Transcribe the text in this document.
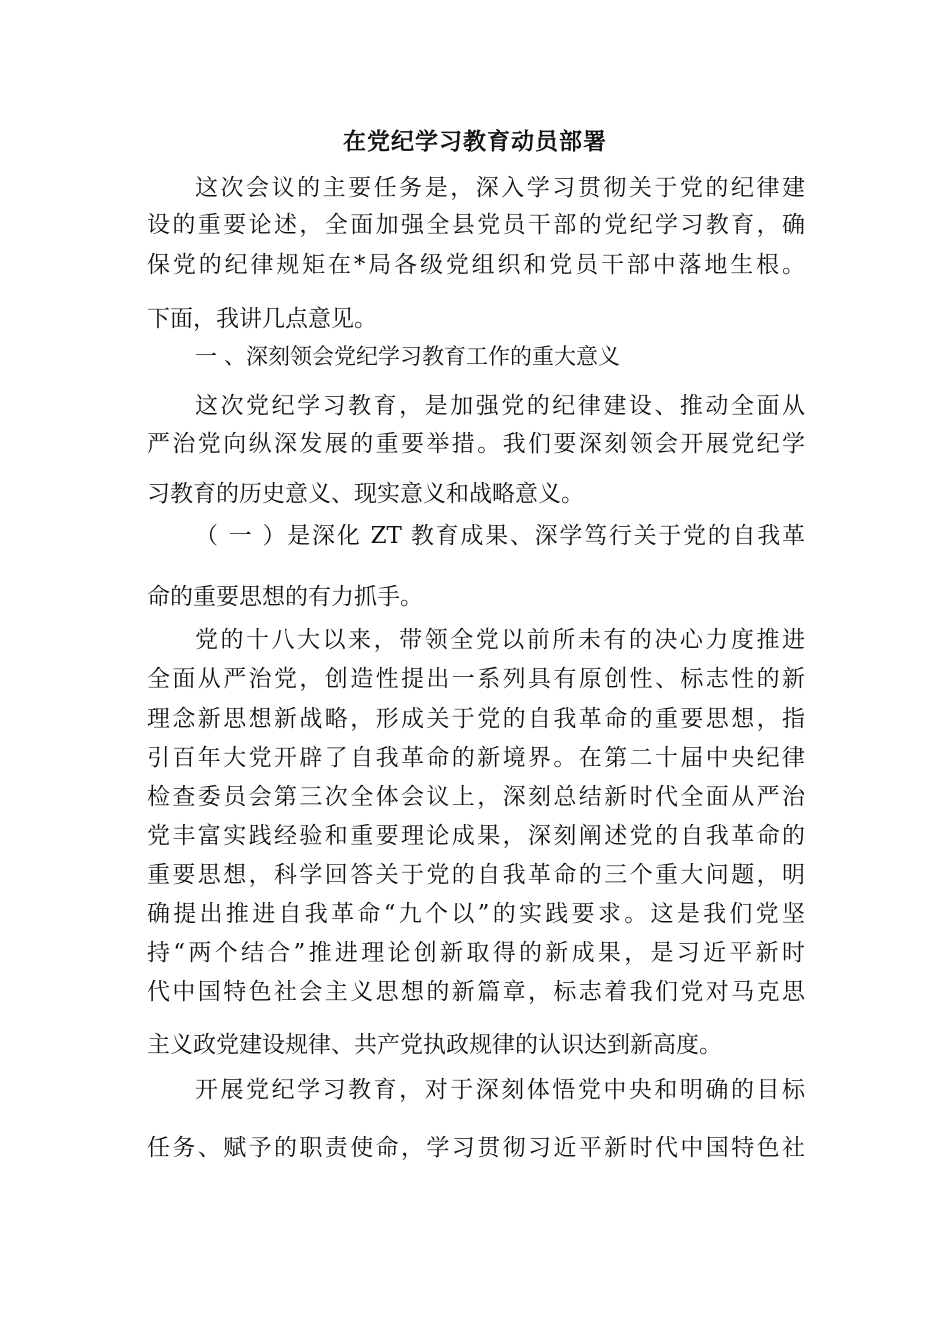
在党纪学习教育动员部署
这次会议的主要任务是，深入学习贯彻关于党的纪律建
设的重要论述，全面加强全县党员干部的党纪学习教育，确
保党的纪律规矩在*局各级党组织和党员干部中落地生根。
下面，我讲几点意见。
一 、深刻领会党纪学习教育工作的重大意义
这次党纪学习教育，是加强党的纪律建设、推动全面从
严治党向纵深发展的重要举措。我们要深刻领会开展党纪学
习教育的历史意义、现实意义和战略意义。
（ 一 ）是深化 ZT 教育成果、深学笃行关于党的自我革
命的重要思想的有力抓手。
党的十八大以来，带领全党以前所未有的决心力度推进
全面从严治党，创造性提出一系列具有原创性、标志性的新
理念新思想新战略，形成关于党的自我革命的重要思想，指
引百年大党开辟了自我革命的新境界。在第二十届中央纪律
检查委员会第三次全体会议上，深刻总结新时代全面从严治
党丰富实践经验和重要理论成果，深刻阐述党的自我革命的
重要思想，科学回答关于党的自我革命的三个重大问题，明
确提出推进自我革命“九个以”的实践要求。这是我们党坚
持“两个结合”推进理论创新取得的新成果，是习近平新时
代中国特色社会主义思想的新篇章，标志着我们党对马克思
主义政党建设规律、共产党执政规律的认识达到新高度。
开展党纪学习教育，对于深刻体悟党中央和明确的目标
任务、赋予的职责使命，学习贯彻习近平新时代中国特色社
